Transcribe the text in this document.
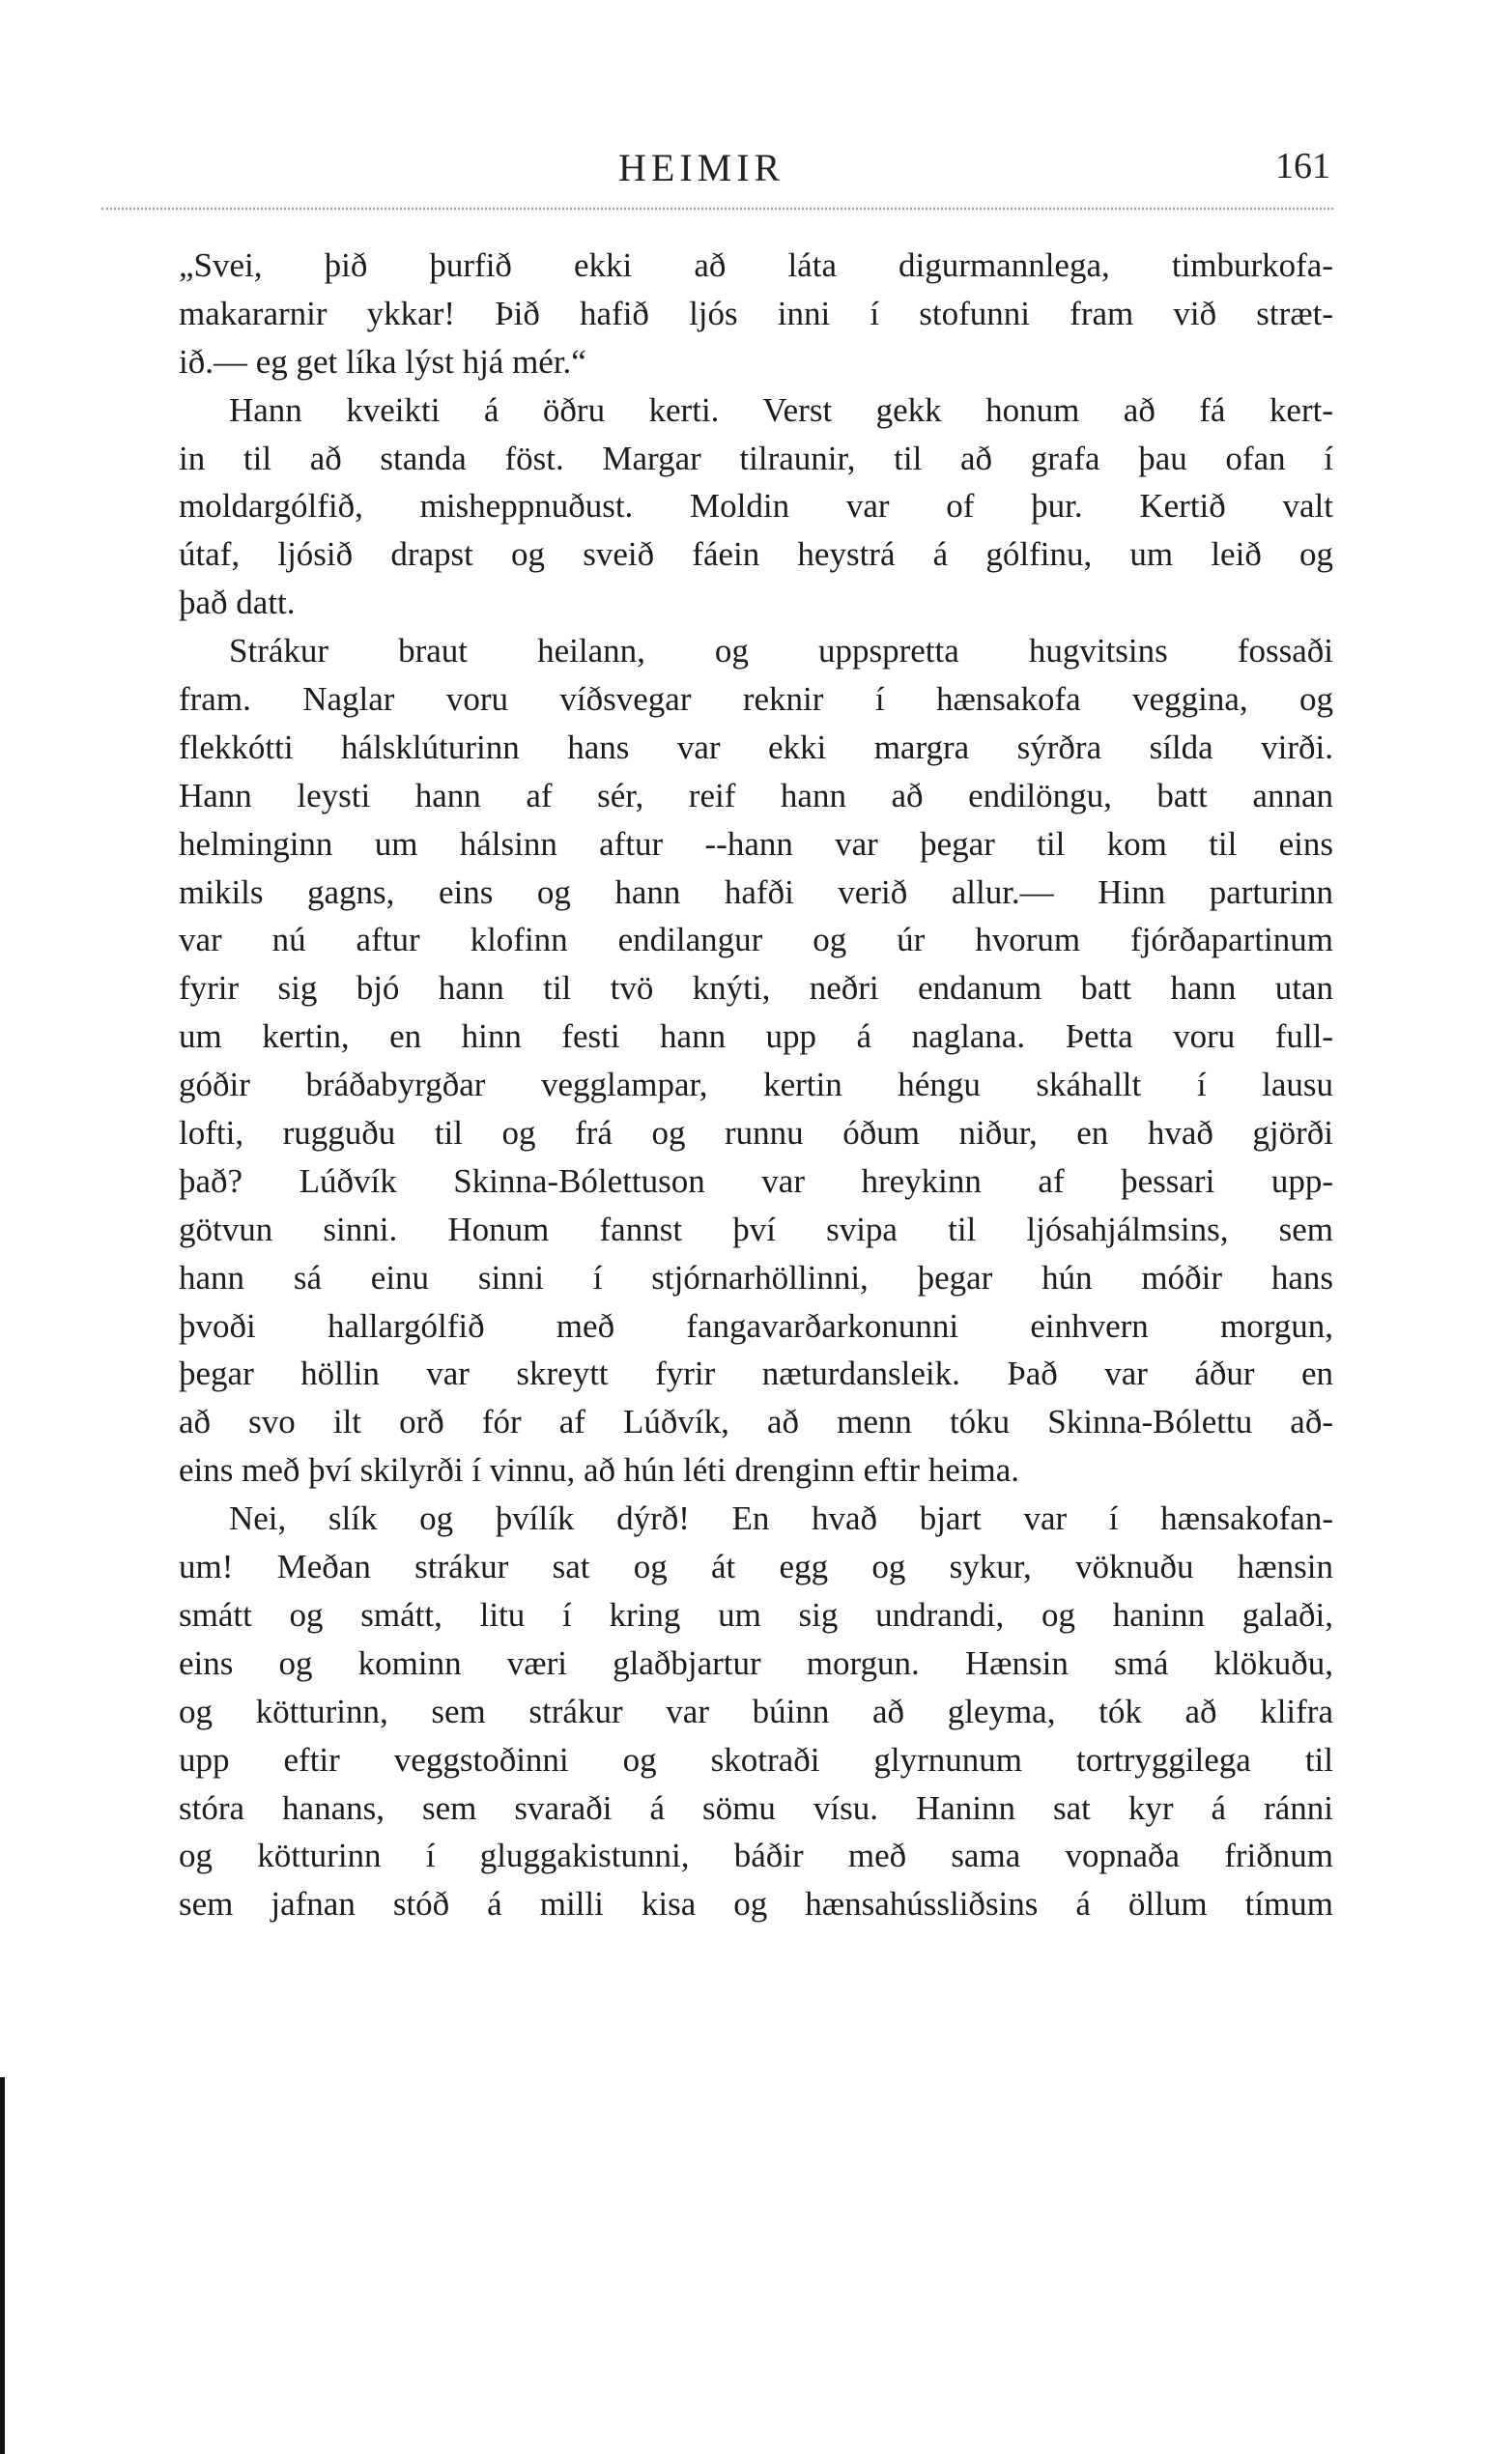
HEIMIR	161
„Svei, þið þurfið ekki að láta digurmannlega, timburkofa-
makararnir ykkar! Þið hafið ljós inni í stofunni fram við stræt-
ið.— eg get líka lýst hjá mér.“
Hann kveikti á öðru kerti. Verst gekk honum að fá kert-
in til að standa föst. Margar tilraunir, til að grafa þau ofan í
moldargólfið, misheppnuðust. Moldin var of þur. Kertið valt
útaf, ljósið drapst og sveið fáein heystrá á gólfinu, um leið og
það datt.
Strákur braut heilann, og uppspretta hugvitsins fossaði
fram. Naglar voru víðsvegar reknir í hænsakofa veggina, og
flekkótti hálsklúturinn hans var ekki margra sýrðra sílda virði.
Hann leysti hann af sér, reif hann að endilöngu, batt annan
helminginn um hálsinn aftur --hann var þegar til kom til eins
mikils gagns, eins og hann hafði verið allur.— Hinn parturinn
var nú aftur klofinn endilangur og úr hvorum fjórðapartinum
fyrir sig bjó hann til tvö knýti, neðri endanum batt hann utan
um kertin, en hinn festi hann upp á naglana. Þetta voru full-
góðir bráðabyrgðar vegglampar, kertin héngu skáhallt í lausu
lofti, rugguðu til og frá og runnu óðum niður, en hvað gjörði
það? Lúðvík Skinna-Bólettuson var hreykinn af þessari upp-
götvun sinni. Honum fannst því svipa til ljósahjálmsins, sem
hann sá einu sinni í stjórnarhöllinni, þegar hún móðir hans
þvoði hallargólfið með fangavarðarkonunni einhvern morgun,
þegar höllin var skreytt fyrir næturdansleik. Það var áður en
að svo ilt orð fór af Lúðvík, að menn tóku Skinna-Bólettu að-
eins með því skilyrði í vinnu, að hún léti drenginn eftir heima.
Nei, slík og þvílík dýrð! En hvað bjart var í hænsakofan-
um! Meðan strákur sat og át egg og sykur, vöknuðu hænsin
smátt og smátt, litu í kring um sig undrandi, og haninn galaði,
eins og kominn væri glaðbjartur morgun. Hænsin smá klökuðu,
og kötturinn, sem strákur var búinn að gleyma, tók að klifra
upp eftir veggstoðinni og skotraði glyrnunum tortryggilega til
stóra hanans, sem svaraði á sömu vísu. Haninn sat kyr á ránni
og kötturinn í gluggakistunni, báðir með sama vopnaða friðnum
sem jafnan stóð á milli kisa og hænsahússliðsins á öllum tímum
